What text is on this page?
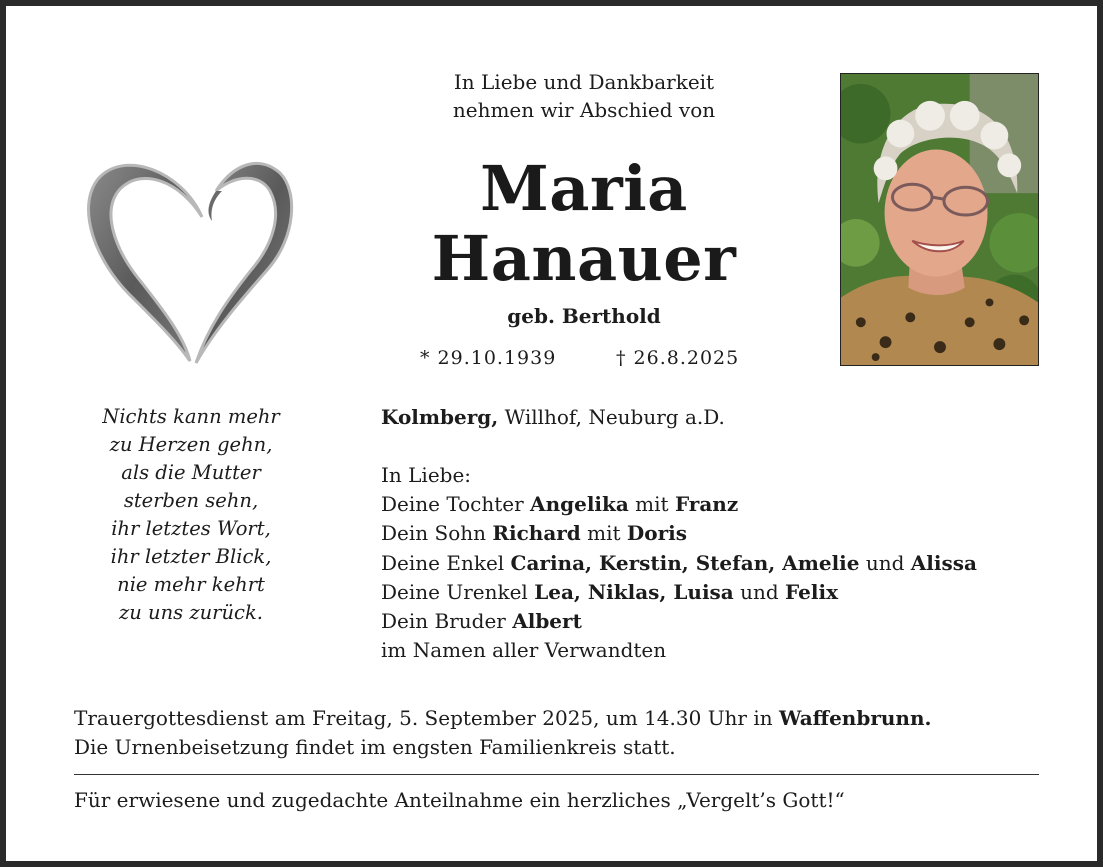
In Liebe und Dankbarkeit
nehmen wir Abschied von
Maria
Hanauer
geb. Berthold
* 29.10.1939	† 26.8.2025
Nichts kann mehr
zu Herzen gehn,
als die Mutter
sterben sehn,
ihr letztes Wort,
ihr letzter Blick,
nie mehr kehrt
zu uns zurück.
Kolmberg, Willhof, Neuburg a.D.
In Liebe:
Deine Tochter Angelika mit Franz
Dein Sohn Richard mit Doris
Deine Enkel Carina, Kerstin, Stefan, Amelie und Alissa
Deine Urenkel Lea, Niklas, Luisa und Felix
Dein Bruder Albert
im Namen aller Verwandten
Trauergottesdienst am Freitag, 5. September 2025, um 14.30 Uhr in Waffenbrunn.
Die Urnenbeisetzung findet im engsten Familienkreis statt.
Für erwiesene und zugedachte Anteilnahme ein herzliches „Vergelt’s Gott!“
